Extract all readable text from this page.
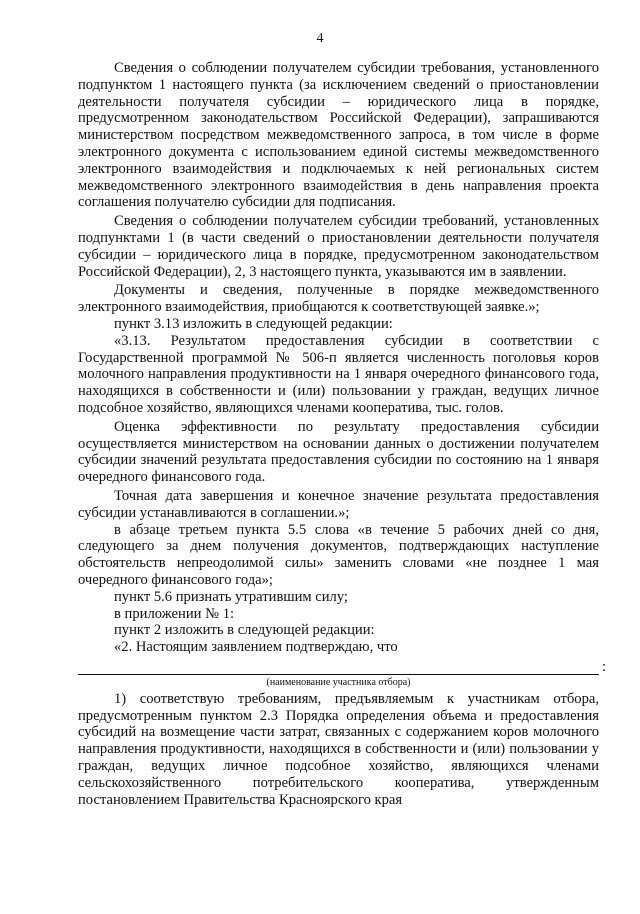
4

Сведения о соблюдении получателем субсидии требования, установленного подпунктом 1 настоящего пункта (за исключением сведений о приостановлении деятельности получателя субсидии – юридического лица в порядке, предусмотренном законодательством Российской Федерации), запрашиваются министерством посредством межведомственного запроса, в том числе в форме электронного документа с использованием единой системы межведомственного электронного взаимодействия и подключаемых к ней региональных систем межведомственного электронного взаимодействия в день направления проекта соглашения получателю субсидии для подписания.

Сведения о соблюдении получателем субсидии требований, установленных подпунктами 1 (в части сведений о приостановлении деятельности получателя субсидии – юридического лица в порядке, предусмотренном законодательством Российской Федерации), 2, 3 настоящего пункта, указываются им в заявлении.

Документы и сведения, полученные в порядке межведомственного электронного взаимодействия, приобщаются к соответствующей заявке.»;

пункт 3.13 изложить в следующей редакции:

«3.13. Результатом предоставления субсидии в соответствии с Государственной программой № 506-п является численность поголовья коров молочного направления продуктивности на 1 января очередного финансового года, находящихся в собственности и (или) пользовании у граждан, ведущих личное подсобное хозяйство, являющихся членами кооператива, тыс. голов.

Оценка эффективности по результату предоставления субсидии осуществляется министерством на основании данных о достижении получателем субсидии значений результата предоставления субсидии по состоянию на 1 января очередного финансового года.

Точная дата завершения и конечное значение результата предоставления субсидии устанавливаются в соглашении.»;

в абзаце третьем пункта 5.5 слова «в течение 5 рабочих дней со дня, следующего за днем получения документов, подтверждающих наступление обстоятельств непреодолимой силы» заменить словами «не позднее 1 мая очередного финансового года»;

пункт 5.6 признать утратившим силу;

в приложении № 1:

пункт 2 изложить в следующей редакции:

«2. Настоящим заявлением подтверждаю, что

:
(наименование участника отбора)

1) соответствую требованиям, предъявляемым к участникам отбора, предусмотренным пунктом 2.3 Порядка определения объема и предоставления субсидий на возмещение части затрат, связанных с содержанием коров молочного направления продуктивности, находящихся в собственности и (или) пользовании у граждан, ведущих личное подсобное хозяйство, являющихся членами сельскохозяйственного потребительского кооператива, утвержденным постановлением Правительства Красноярского края
